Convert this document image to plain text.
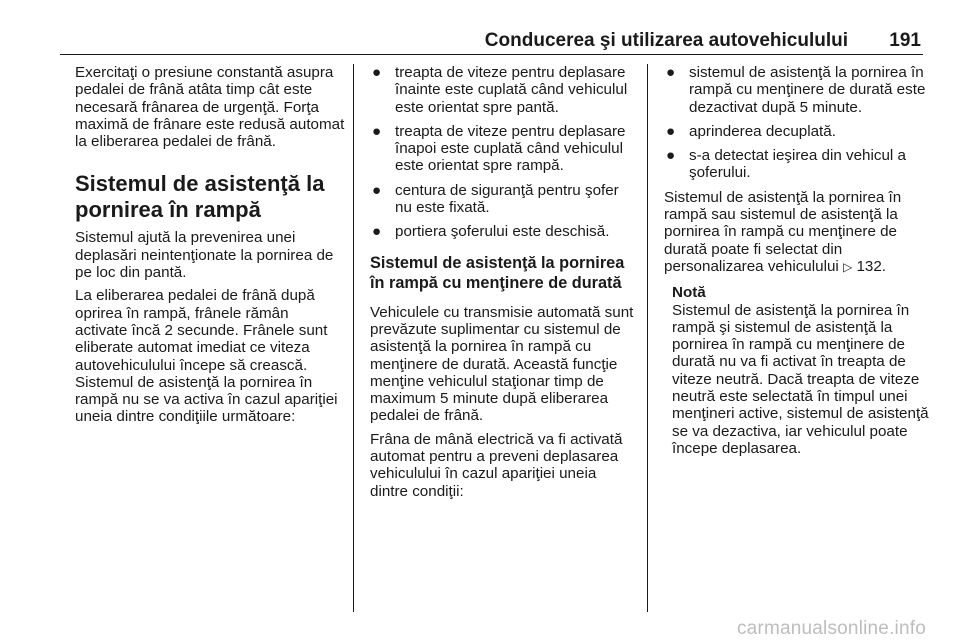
Conducerea şi utilizarea autovehiculului 191

Exercitaţi o presiune constantă asupra pedalei de frână atâta timp cât este necesară frânarea de urgenţă. Forţa maximă de frânare este redusă automat la eliberarea pedalei de frână.

Sistemul de asistenţă la pornirea în rampă

Sistemul ajută la prevenirea unei deplasări neintenţionate la pornirea de pe loc din pantă.

La eliberarea pedalei de frână după oprirea în rampă, frânele rămân activate încă 2 secunde. Frânele sunt eliberate automat imediat ce viteza autovehiculului începe să crească. Sistemul de asistenţă la pornirea în rampă nu se va activa în cazul apariţiei uneia dintre condiţiile următoare:

● treapta de viteze pentru deplasare înainte este cuplată când vehiculul este orientat spre pantă.
● treapta de viteze pentru deplasare înapoi este cuplată când vehiculul este orientat spre rampă.
● centura de siguranţă pentru şofer nu este fixată.
● portiera şoferului este deschisă.
Sistemul de asistenţă la pornirea în rampă cu menţinere de durată

Vehiculele cu transmisie automată sunt prevăzute suplimentar cu sistemul de asistenţă la pornirea în rampă cu menţinere de durată. Această funcţie menţine vehiculul staţionar timp de maximum 5 minute după eliberarea pedalei de frână.

Frâna de mână electrică va fi activată automat pentru a preveni deplasarea vehiculului în cazul apariţiei uneia dintre condiţii:

● sistemul de asistenţă la pornirea în rampă cu menţinere de durată este dezactivat după 5 minute.
● aprinderea decuplată.
● s-a detectat ieşirea din vehicul a şoferului.

Sistemul de asistenţă la pornirea în rampă sau sistemul de asistenţă la pornirea în rampă cu menţinere de durată poate fi selectat din personalizarea vehiculului ▷ 132.

Notă
Sistemul de asistenţă la pornirea în rampă şi sistemul de asistenţă la pornirea în rampă cu menţinere de durată nu va fi activat în treapta de viteze neutră. Dacă treapta de viteze neutră este selectată în timpul unei menţineri active, sistemul de asistenţă se va dezactiva, iar vehiculul poate începe deplasarea.
carmanualsonline.info
